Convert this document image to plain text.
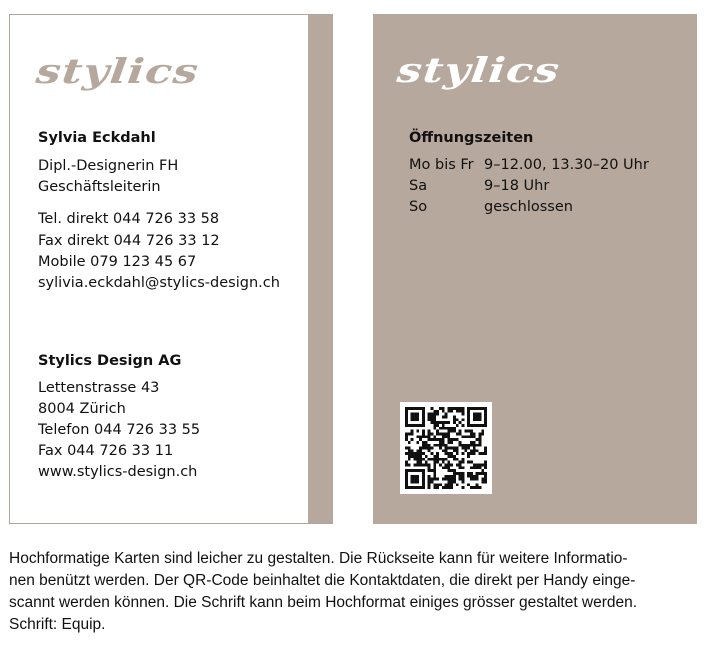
stylics
Sylvia Eckdahl
Dipl.-Designerin FH
Geschäftsleiterin
Tel. direkt 044 726 33 58
Fax direkt 044 726 33 12
Mobile 079 123 45 67
sylivia.eckdahl@stylics-design.ch
Stylics Design AG
Lettenstrasse 43
8004 Zürich
Telefon 044 726 33 55
Fax 044 726 33 11
www.stylics-design.ch
stylics
Öffnungszeiten
Mo bis Fr 9–12.00, 13.30–20 Uhr
Sa	9–18 Uhr
So	geschlossen
Hochformatige Karten sind leicher zu gestalten. Die Rückseite kann für weitere Informatio-
nen benützt werden. Der QR-Code beinhaltet die Kontaktdaten, die direkt per Handy einge-
scannt werden können. Die Schrift kann beim Hochformat einiges grösser gestaltet werden.
Schrift: Equip.
